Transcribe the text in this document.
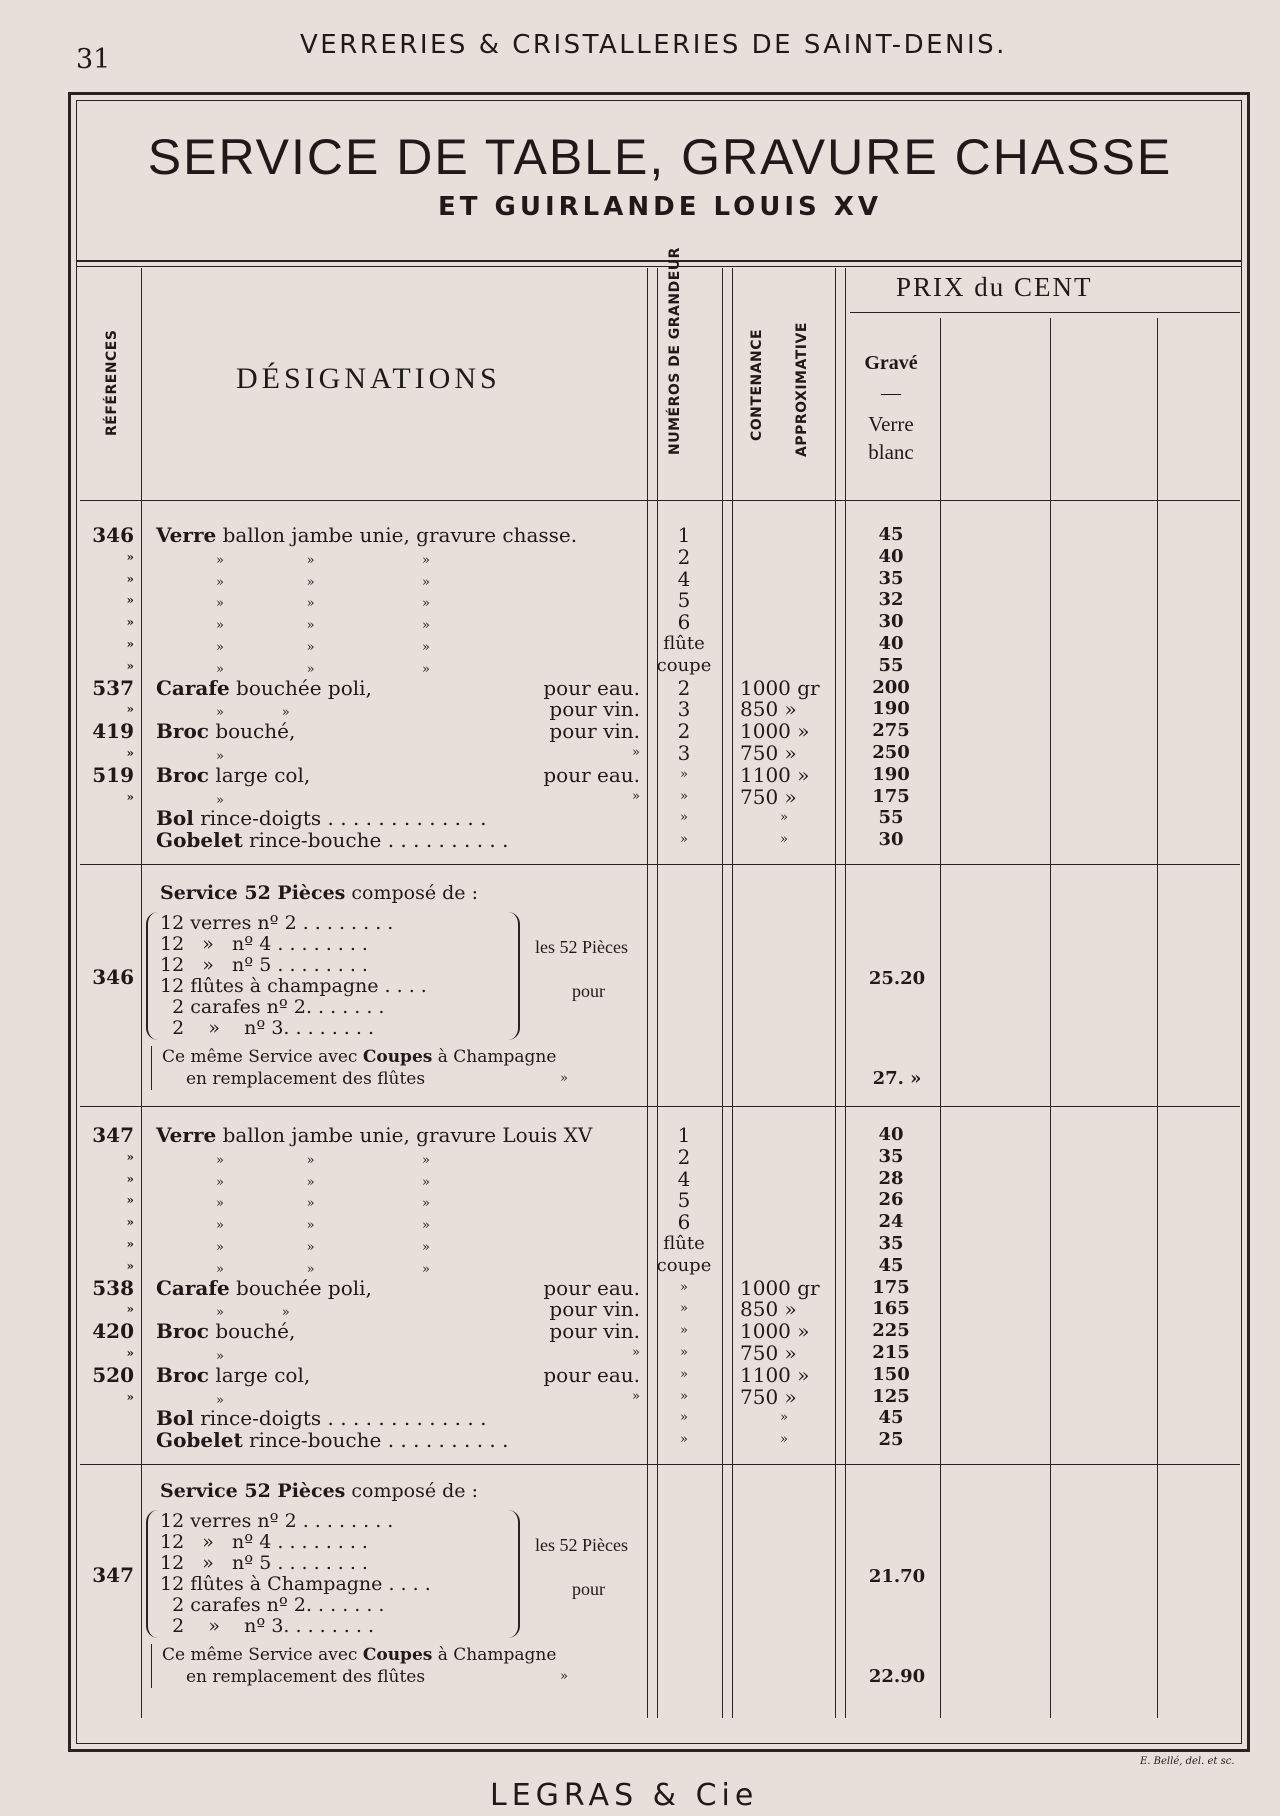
31	VERRERIES & CRISTALLERIES DE SAINT-DENIS.
SERVICE DE TABLE, GRAVURE CHASSE
ET GUIRLANDE LOUIS XV
RÉFÉRENCES	DÉSIGNATIONS	NUMÉROS DE GRANDEUR	CONTENANCE APPROXIMATIVE
PRIX du CENT
Gravé
—
Verre
blanc
346 Verre ballon jambe unie, gravure chasse.	1	45
»	»                    »                          »	2	40
»	»                    »                          »	4	35
»	»                    »                          »	5	32
»	»                    »                          »	6	30
»	»                    »                          »	flûte	40
»	»                    »                          »	coupe	55
537 Carafe bouchée poli,	pour eau.	2	1000 gr	200
»	»              »	pour vin.	3	850 »	190
419 Broc bouché,	pour vin.	2	1000 »	275
»	»	»	3	750 »	250
519 Broc large col,	pour eau.	»	1100 »	190
»	»	»	»	750 »	175
Bol rince-doigts . . . . . . . . . . . . .	»	»	55
Gobelet rince-bouche . . . . . . . . . .	»	»	30
Service 52 Pièces composé de :
12 verres nº 2 . . . . . . . .
12   »   nº 4 . . . . . . . .
12   »   nº 5 . . . . . . . .
12 flûtes à champagne . . . .
2 carafes nº 2. . . . . . .
2    »    nº 3. . . . . . . .
346
les 52 Pièces
pour
25.20
Ce même Service avec Coupes à Champagne
en remplacement des flûtes	»	27. »
347 Verre ballon jambe unie, gravure Louis XV	1	40
»	»                    »                          »	2	35
»	»                    »                          »	4	28
»	»                    »                          »	5	26
»	»                    »                          »	6	24
»	»                    »                          »	flûte	35
»	»                    »                          »	coupe	45
538 Carafe bouchée poli,	pour eau.	»	1000 gr	175
»	»              »	pour vin.	»	850 »	165
420 Broc bouché,	pour vin.	»	1000 »	225
»	»	»	»	750 »	215
520 Broc large col,	pour eau.	»	1100 »	150
»	»	»	»	750 »	125
Bol rince-doigts . . . . . . . . . . . . .	»	»	45
Gobelet rince-bouche . . . . . . . . . .	»	»	25
Service 52 Pièces composé de :
12 verres nº 2 . . . . . . . .
12   »   nº 4 . . . . . . . .
12   »   nº 5 . . . . . . . .
12 flûtes à Champagne . . . .
2 carafes nº 2. . . . . . .
2    »    nº 3. . . . . . . .
347
les 52 Pièces
pour
21.70
Ce même Service avec Coupes à Champagne
en remplacement des flûtes	»	22.90
E. Bellé, del. et sc.
LEGRAS & Cie
